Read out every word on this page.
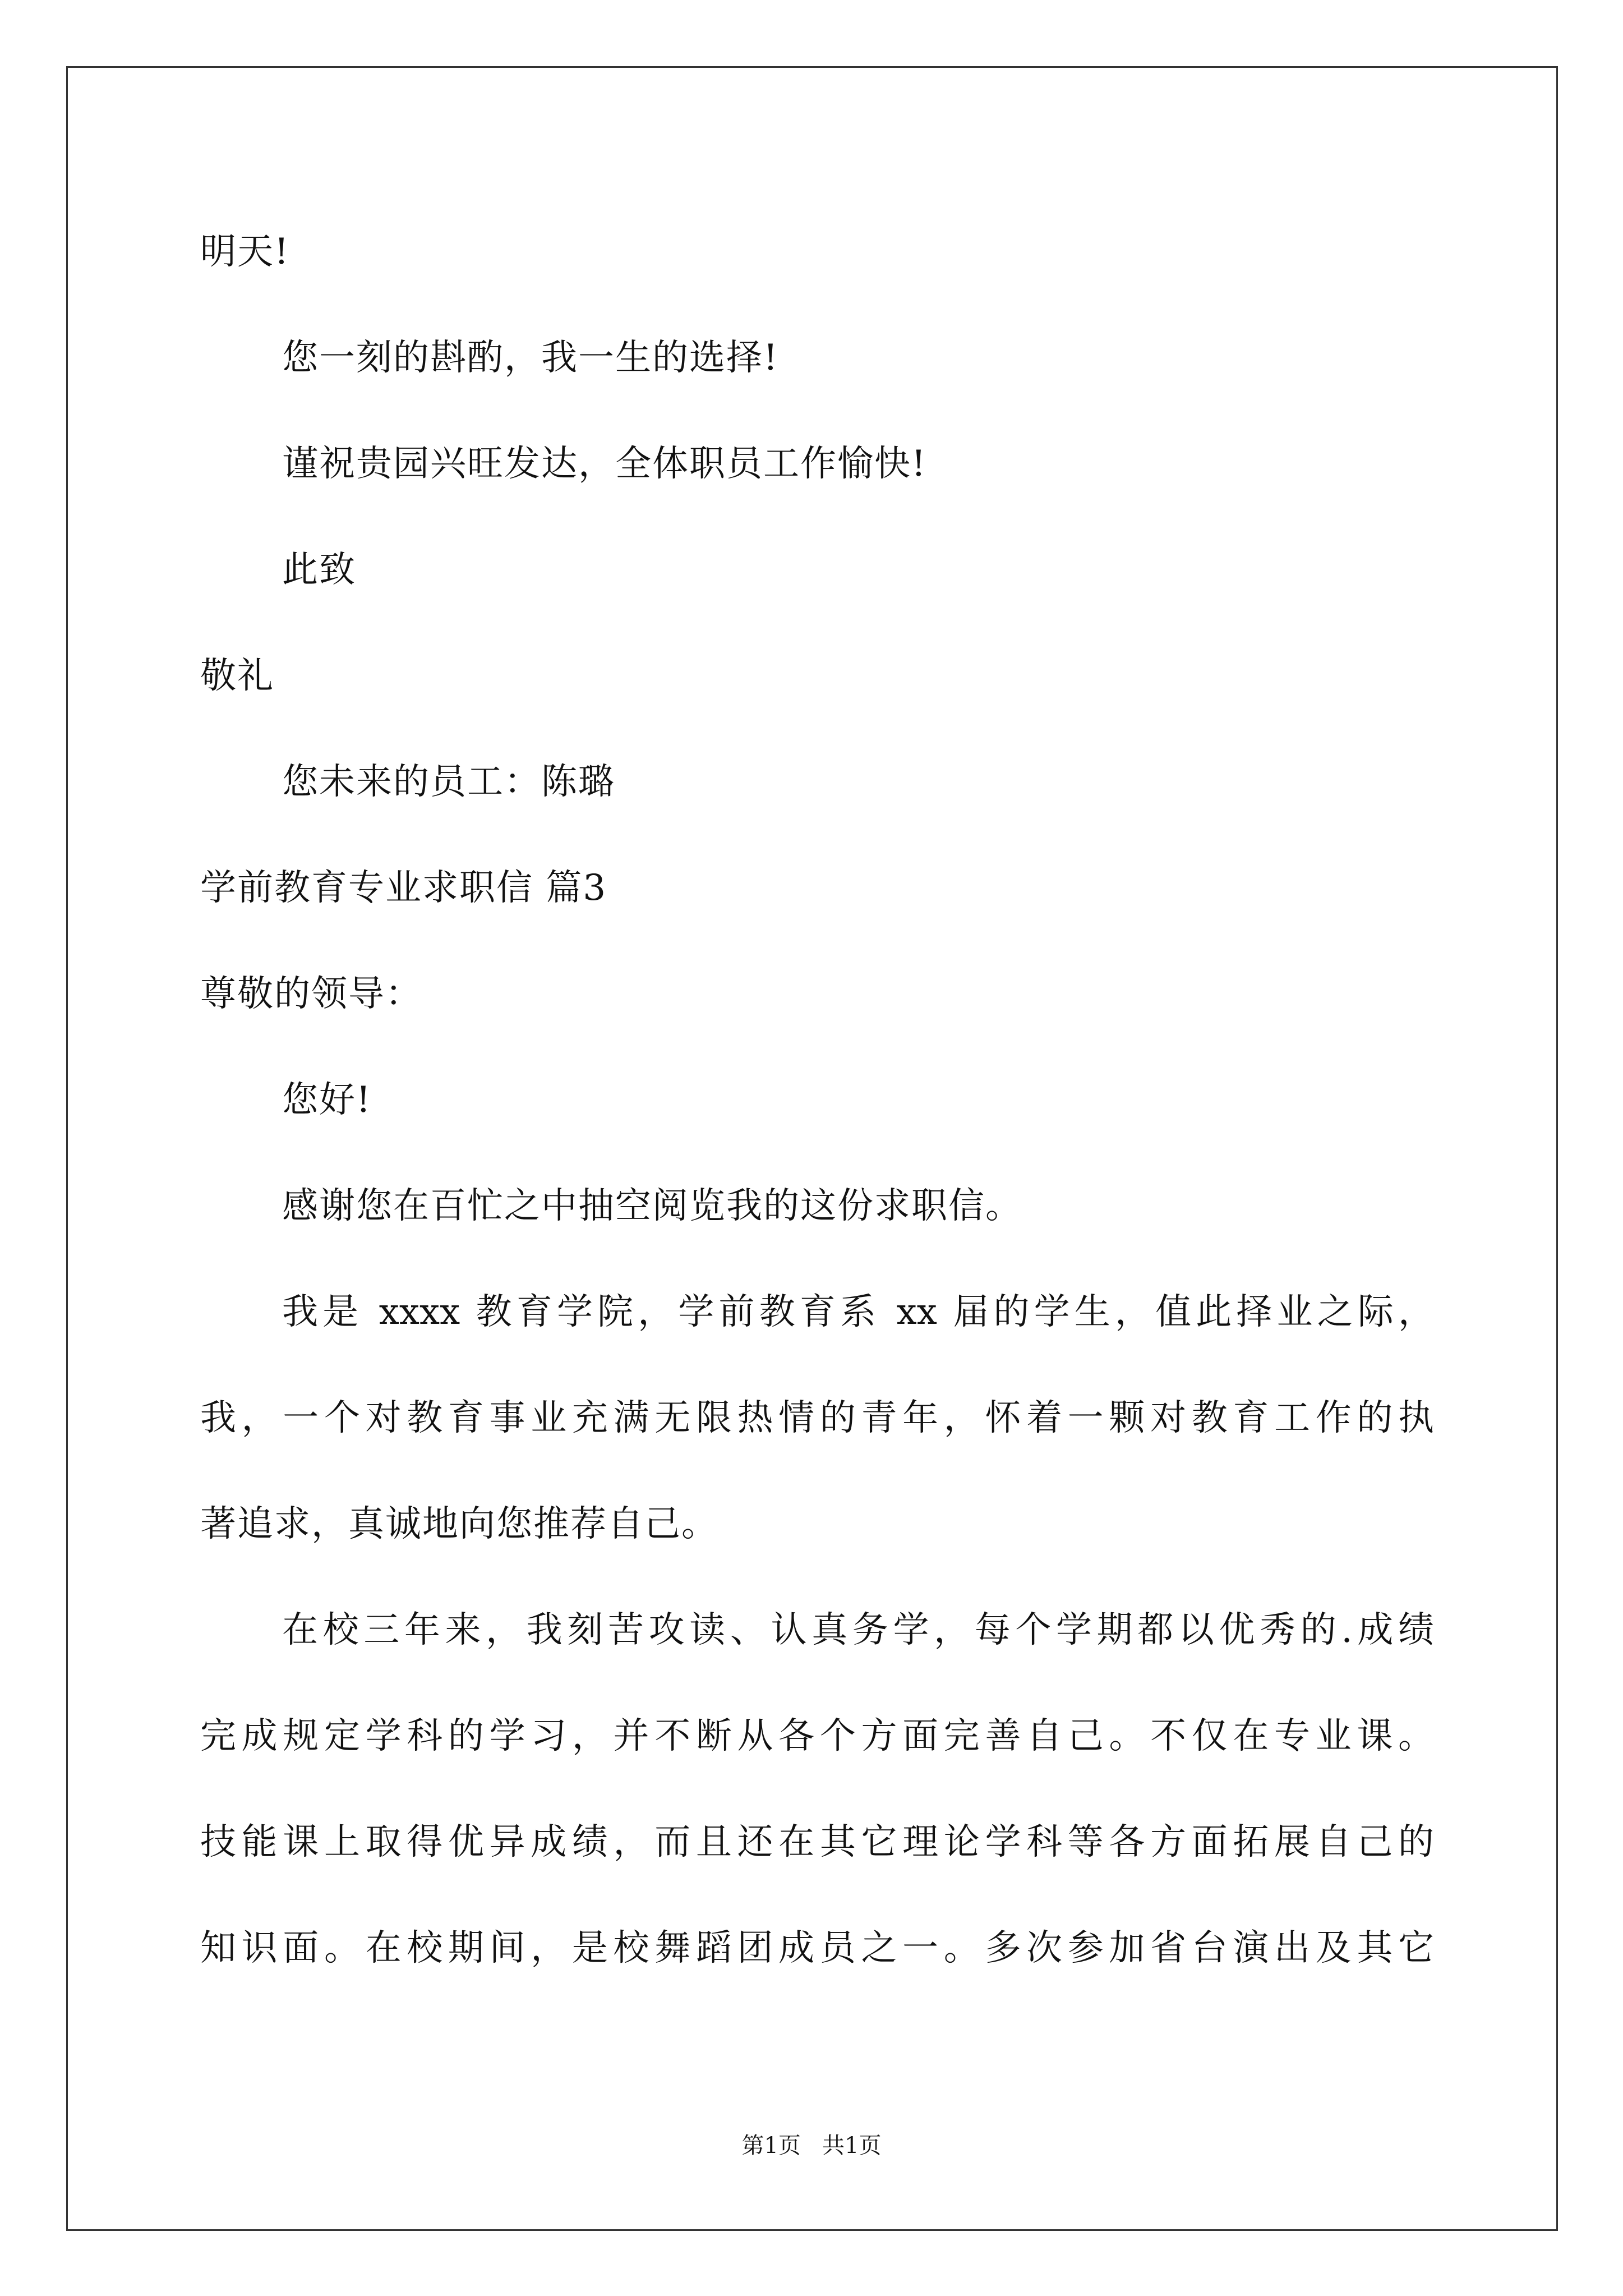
明天!
您一刻的斟酌，我一生的选择!
谨祝贵园兴旺发达，全体职员工作愉快!
此致
敬礼
您未来的员工：陈璐
学前教育专业求职信 篇3
尊敬的领导：
您好!
感谢您在百忙之中抽空阅览我的这份求职信。
我是 xxxx 教育学院，学前教育系 xx 届的学生，值此择业之际，
我，一个对教育事业充满无限热情的青年，怀着一颗对教育工作的执
著追求，真诚地向您推荐自己。
在校三年来，我刻苦攻读、认真务学，每个学期都以优秀的.成绩
完成规定学科的学习，并不断从各个方面完善自己。不仅在专业课。
技能课上取得优异成绩，而且还在其它理论学科等各方面拓展自己的
知识面。在校期间，是校舞蹈团成员之一。多次参加省台演出及其它
第1页   共1页
